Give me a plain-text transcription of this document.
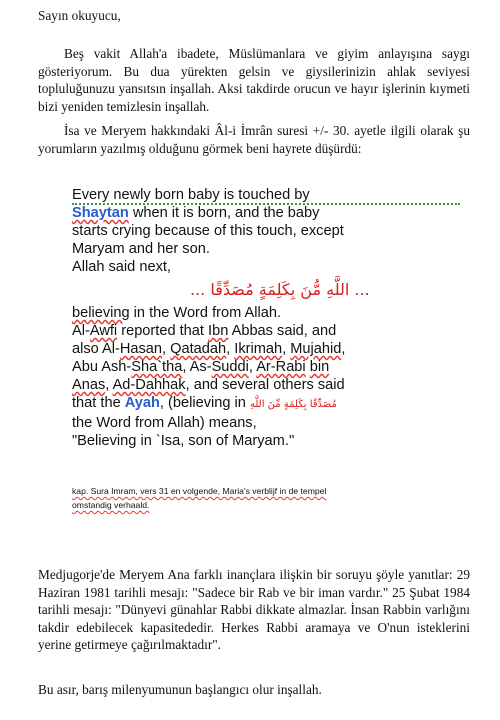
Sayın okuyucu,
Beş vakit Allah'a ibadete, Müslümanlara ve giyim anlayışına saygı gösteriyorum. Bu dua yürekten gelsin ve giysilerinizin ahlak seviyesi topluluğunuzu yansıtsın inşallah. Aksi takdirde orucun ve hayır işlerinin kıymeti bizi yeniden temizlesin inşallah.
İsa ve Meryem hakkındaki Âl-i İmrân suresi +/- 30. ayetle ilgili olarak şu yorumların yazılmış olduğunu görmek beni hayrete düşürdü:
Every newly born baby is touched by
Shaytan when it is born, and the baby
starts crying because of this touch, except
Maryam and her son.
Allah said next,
... اللَّهِ مُّنَ بِكَلِمَةٍ مُصَدِّقًا ...
believing in the Word from Allah.
Al-Awfi reported that Ibn Abbas said, and
also Al-Hasan, Qatadah, Ikrimah, Mujahid,
Abu Ash-Sha`tha, As-Suddi, Ar-Rabi bin
Anas, Ad-Dahhak, and several others said
that the Ayah, (believing in مُصَدِّقًا بِكَلِمَةٍ مِّنَ اللَّهِ
the Word from Allah) means,
"Believing in `Isa, son of Maryam.''
kap. Sura Imram, vers 31 en volgende, Maria's verblijf in de tempel
omstandig verhaald.
Medjugorje'de Meryem Ana farklı inançlara ilişkin bir soruyu şöyle yanıtlar: 29 Haziran 1981 tarihli mesajı: "Sadece bir Rab ve bir iman vardır." 25 Şubat 1984 tarihli mesajı: "Dünyevi günahlar Rabbi dikkate almazlar. İnsan Rabbin varlığını takdir edebilecek kapasitededir. Herkes Rabbi aramaya ve O'nun isteklerini yerine getirmeye çağırılmaktadır".
Bu asır, barış milenyumunun başlangıcı olur inşallah.
